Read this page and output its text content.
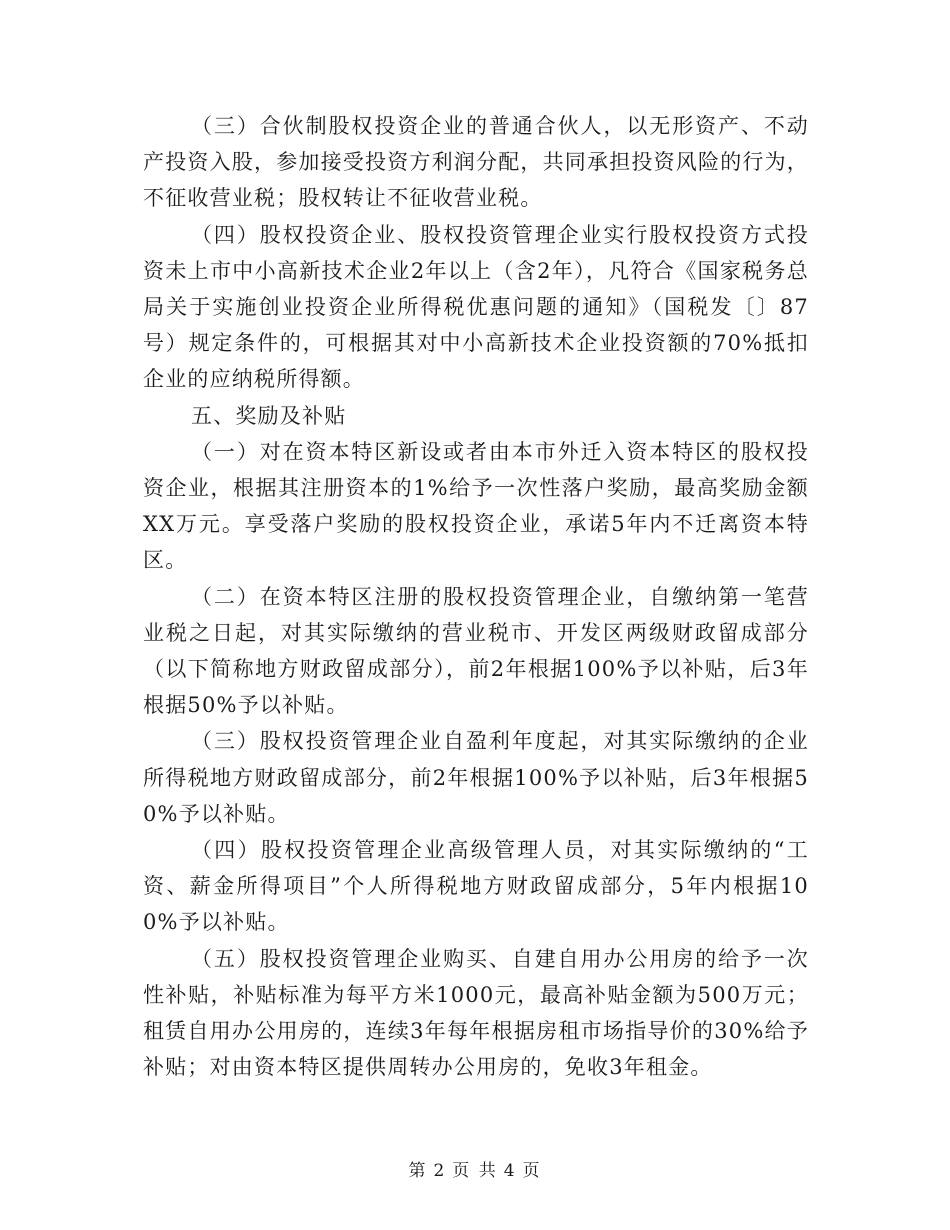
（三）合伙制股权投资企业的普通合伙人，以无形资产、不动产投资入股，参加接受投资方利润分配，共同承担投资风险的行为，不征收营业税；股权转让不征收营业税。

（四）股权投资企业、股权投资管理企业实行股权投资方式投资未上市中小高新技术企业2年以上（含2年），凡符合《国家税务总局关于实施创业投资企业所得税优惠问题的通知》（国税发〔〕87号）规定条件的，可根据其对中小高新技术企业投资额的70%抵扣企业的应纳税所得额。

五、奖励及补贴

（一）对在资本特区新设或者由本市外迁入资本特区的股权投资企业，根据其注册资本的1%给予一次性落户奖励，最高奖励金额XX万元。享受落户奖励的股权投资企业，承诺5年内不迁离资本特区。

（二）在资本特区注册的股权投资管理企业，自缴纳第一笔营业税之日起，对其实际缴纳的营业税市、开发区两级财政留成部分（以下简称地方财政留成部分），前2年根据100%予以补贴，后3年根据50%予以补贴。

（三）股权投资管理企业自盈利年度起，对其实际缴纳的企业所得税地方财政留成部分，前2年根据100%予以补贴，后3年根据50%予以补贴。

（四）股权投资管理企业高级管理人员，对其实际缴纳的“工资、薪金所得项目”个人所得税地方财政留成部分，5年内根据100%予以补贴。

（五）股权投资管理企业购买、自建自用办公用房的给予一次性补贴，补贴标准为每平方米1000元，最高补贴金额为500万元；租赁自用办公用房的，连续3年每年根据房租市场指导价的30%给予补贴；对由资本特区提供周转办公用房的，免收3年租金。

第 2 页 共 4 页
